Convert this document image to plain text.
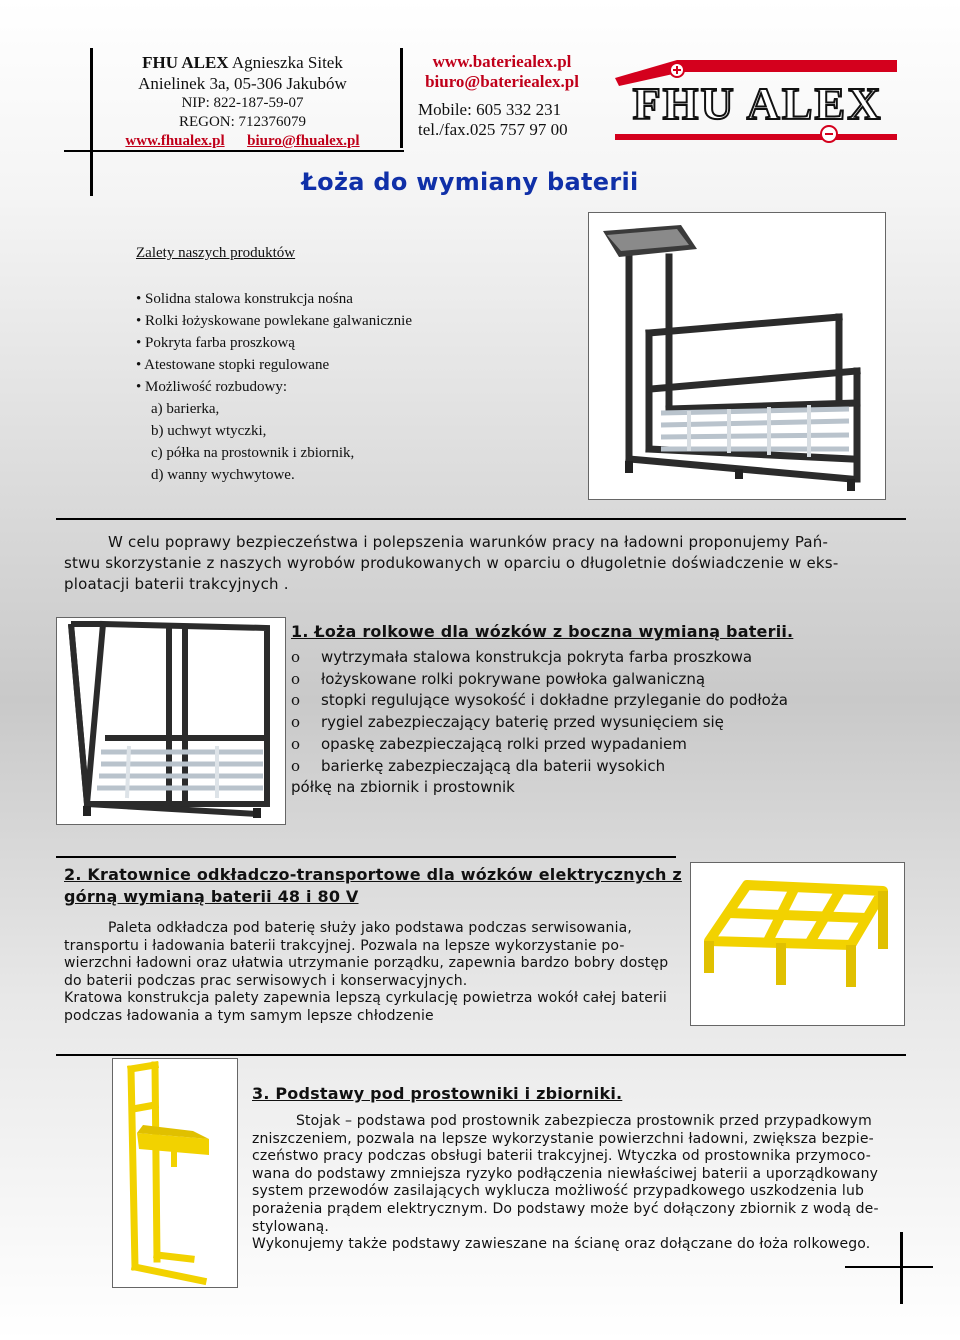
FHU ALEX Agnieszka Sitek
Anielinek 3a, 05-306 Jakubów
NIP: 822-187-59-07
REGON: 712376079
www.fhualex.pl biuro@fhualex.pl
www.bateriealex.pl
biuro@bateriealex.pl
Mobile: 605 332 231
tel./fax.025 757 97 00
FHU ALEX
Łoża do wymiany baterii
Zalety naszych produktów
• Solidna stalowa konstrukcja nośna
• Rolki łożyskowane powlekane galwanicznie
• Pokryta farba proszkową
• Atestowane stopki regulowane
• Możliwość rozbudowy:
a) barierka,
b) uchwyt wtyczki,
c) półka na prostownik i zbiornik,
d) wanny wychwytowe.
W celu poprawy bezpieczeństwa i polepszenia warunków pracy na ładowni proponujemy Pań-
stwu skorzystanie z naszych wyrobów produkowanych w oparciu o długoletnie doświadczenie w eks-
ploatacji baterii trakcyjnych .
1. Łoża rolkowe dla wózków z boczna wymianą baterii.
o	wytrzymała stalowa konstrukcja pokryta farba proszkowa
o	łożyskowane rolki pokrywane powłoka galwaniczną
o	stopki regulujące wysokość i dokładne przyleganie do podłoża
o	rygiel zabezpieczający baterię przed wysunięciem się
o	opaskę zabezpieczającą rolki przed wypadaniem
o	barierkę zabezpieczającą dla baterii wysokich
półkę na zbiornik i prostownik
2. Kratownice odkładczo-transportowe dla wózków elektrycznych z
górną wymianą baterii 48 i 80 V
Paleta odkładcza pod baterię służy jako podstawa podczas serwisowania,
transportu i ładowania baterii trakcyjnej. Pozwala na lepsze wykorzystanie po-
wierzchni ładowni oraz ułatwia utrzymanie porządku, zapewnia bardzo bobry dostęp
do baterii podczas prac serwisowych i konserwacyjnych.
Kratowa konstrukcja palety zapewnia lepszą cyrkulację powietrza wokół całej baterii
podczas ładowania a tym samym lepsze chłodzenie
3. Podstawy pod prostowniki i zbiorniki.
Stojak – podstawa pod prostownik zabezpiecza prostownik przed przypadkowym
zniszczeniem, pozwala na lepsze wykorzystanie powierzchni ładowni, zwiększa bezpie-
czeństwo pracy podczas obsługi baterii trakcyjnej. Wtyczka od prostownika przymoco-
wana do podstawy zmniejsza ryzyko podłączenia niewłaściwej baterii a uporządkowany
system przewodów zasilających wyklucza możliwość przypadkowego uszkodzenia lub
porażenia prądem elektrycznym. Do podstawy może być dołączony zbiornik z wodą de-
stylowaną.
Wykonujemy także podstawy zawieszane na ścianę oraz dołączane do łoża rolkowego.
